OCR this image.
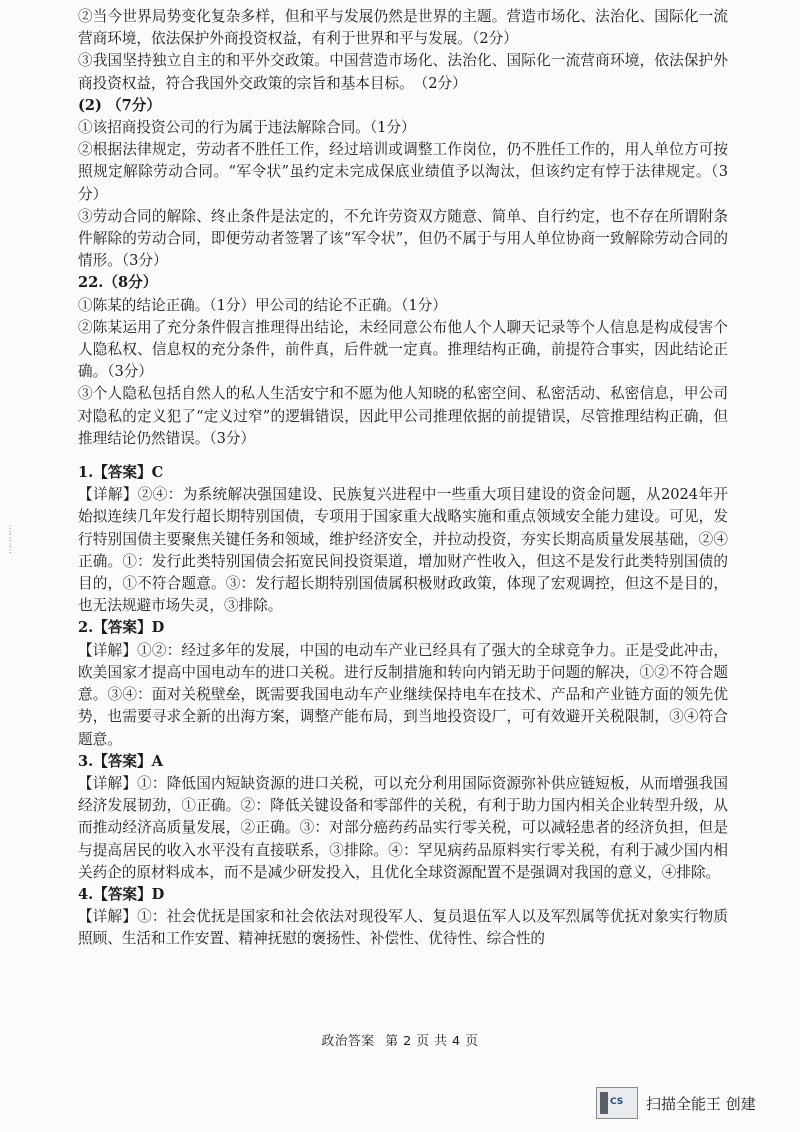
:
:
:
:
:

②当今世界局势变化复杂多样，但和平与发展仍然是世界的主题。营造市场化、法治化、国际化一流营商环境，依法保护外商投资权益，有利于世界和平与发展。（2分）

③我国坚持独立自主的和平外交政策。中国营造市场化、法治化、国际化一流营商环境，依法保护外商投资权益，符合我国外交政策的宗旨和基本目标。　（2分）

(2) （7分）

①该招商投资公司的行为属于违法解除合同。（1分）

②根据法律规定，劳动者不胜任工作，经过培训或调整工作岗位，仍不胜任工作的，用人单位方可按照规定解除劳动合同。“军令状”虽约定未完成保底业绩值予以淘汰，但该约定有悖于法律规定。（3分）

③劳动合同的解除、终止条件是法定的，不允许劳资双方随意、简单、自行约定，也不存在所谓附条件解除的劳动合同，即便劳动者签署了该“军令状”，但仍不属于与用人单位协商一致解除劳动合同的情形。（3分）

22.（8分）

①陈某的结论正确。（1分）甲公司的结论不正确。（1分）

②陈某运用了充分条件假言推理得出结论，未经同意公布他人个人聊天记录等个人信息是构成侵害个人隐私权、信息权的充分条件，前件真，后件就一定真。推理结构正确，前提符合事实，因此结论正确。（3分）

③个人隐私包括自然人的私人生活安宁和不愿为他人知晓的私密空间、私密活动、私密信息，甲公司对隐私的定义犯了“定义过窄”的逻辑错误，因此甲公司推理依据的前提错误，尽管推理结构正确，但推理结论仍然错误。（3分）

1.【答案】C

【详解】②④：为系统解决强国建设、民族复兴进程中一些重大项目建设的资金问题，从2024年开始拟连续几年发行超长期特别国债，专项用于国家重大战略实施和重点领域安全能力建设。可见，发行特别国债主要聚焦关键任务和领域，维护经济安全，并拉动投资，夯实长期高质量发展基础，②④正确。①：发行此类特别国债会拓宽民间投资渠道，增加财产性收入，但这不是发行此类特别国债的目的，①不符合题意。③：发行超长期特别国债属积极财政政策，体现了宏观调控，但这不是目的，也无法规避市场失灵，③排除。

2.【答案】D

【详解】①②：经过多年的发展，中国的电动车产业已经具有了强大的全球竞争力。正是受此冲击，欧美国家才提高中国电动车的进口关税。进行反制措施和转向内销无助于问题的解决，①②不符合题意。③④：面对关税壁垒，既需要我国电动车产业继续保持电车在技术、产品和产业链方面的领先优势，也需要寻求全新的出海方案，调整产能布局，到当地投资设厂，可有效避开关税限制，③④符合题意。

3.【答案】A

【详解】①：降低国内短缺资源的进口关税，可以充分利用国际资源弥补供应链短板，从而增强我国经济发展韧劲，①正确。②：降低关键设备和零部件的关税，有利于助力国内相关企业转型升级，从而推动经济高质量发展，②正确。③：对部分癌药药品实行零关税，可以减轻患者的经济负担，但是与提高居民的收入水平没有直接联系，③排除。④：罕见病药品原料实行零关税，有利于减少国内相关药企的原材料成本，而不是减少研发投入，且优化全球资源配置不是强调对我国的意义，④排除。

4.【答案】D

【详解】①：社会优抚是国家和社会依法对现役军人、复员退伍军人以及军烈属等优抚对象实行物质照顾、生活和工作安置、精神抚慰的褒扬性、补偿性、优待性、综合性的

政治答案 第 2 页 共 4 页
CS 扫描全能王 创建
